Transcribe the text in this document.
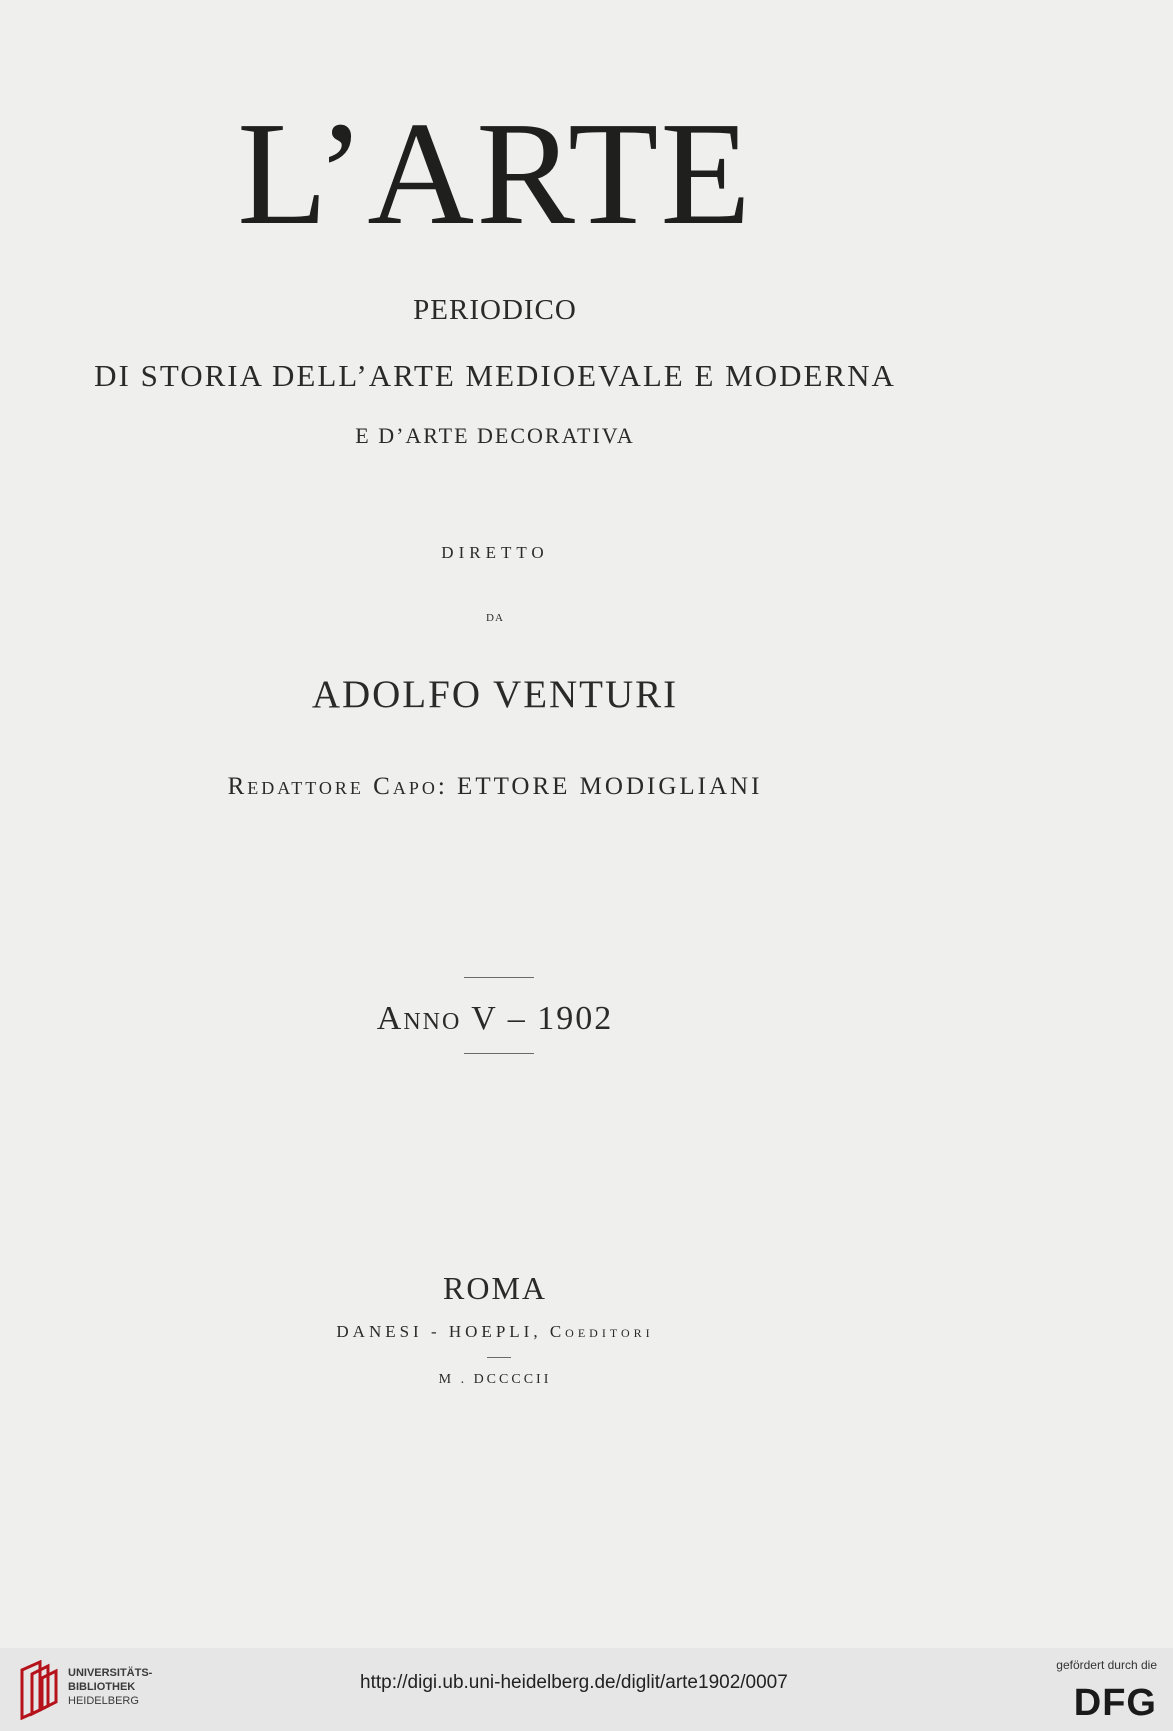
L’ARTE
PERIODICO
DI STORIA DELL’ARTE MEDIOEVALE E MODERNA
E D’ARTE DECORATIVA
DIRETTO
DA
ADOLFO VENTURI
Redattore Capo: ETTORE MODIGLIANI
Anno V – 1902
ROMA
DANESI - HOEPLI, Coeditori
M . DCCCCII
UNIVERSITÄTS-
BIBLIOTHEK
HEIDELBERG
http://digi.ub.uni-heidelberg.de/diglit/arte1902/0007
gefördert durch die
DFG
